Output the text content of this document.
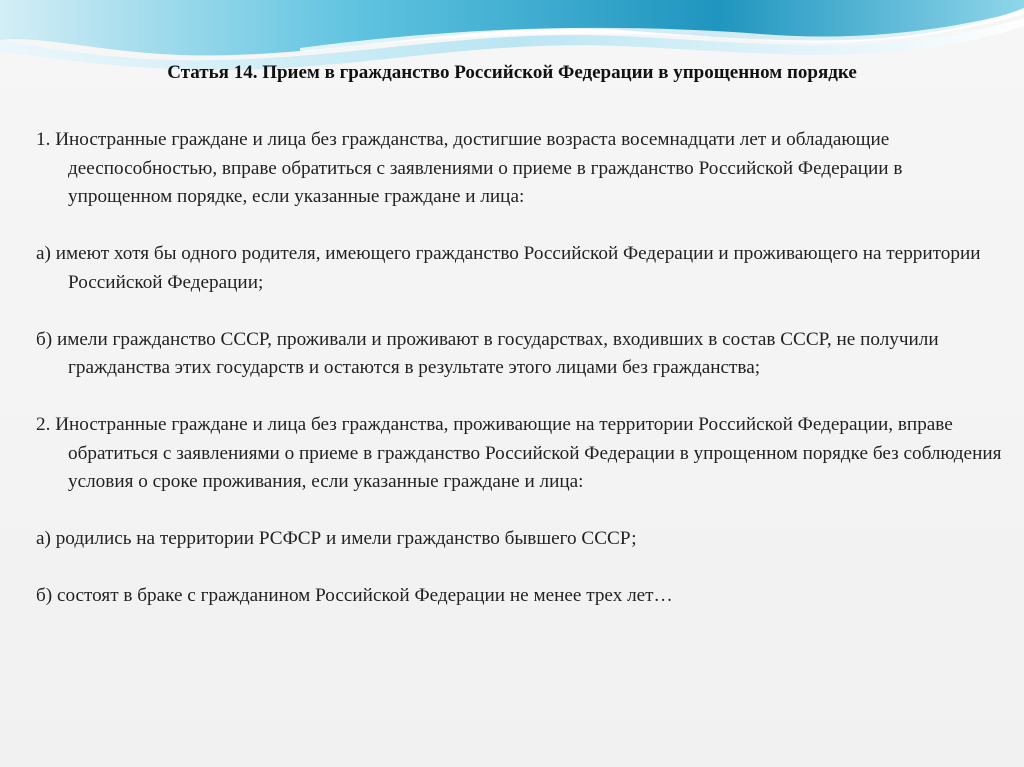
Статья 14. Прием в гражданство Российской Федерации в упрощенном порядке

1. Иностранные граждане и лица без гражданства, достигшие возраста восемнадцати лет и обладающие дееспособностью, вправе обратиться с заявлениями о приеме в гражданство Российской Федерации в упрощенном порядке, если указанные граждане и лица:

а) имеют хотя бы одного родителя, имеющего гражданство Российской Федерации и проживающего на территории Российской Федерации;

б) имели гражданство СССР, проживали и проживают в государствах, входивших в состав СССР, не получили гражданства этих государств и остаются в результате этого лицами без гражданства;

2. Иностранные граждане и лица без гражданства, проживающие на территории Российской Федерации, вправе обратиться с заявлениями о приеме в гражданство Российской Федерации в упрощенном порядке без соблюдения условия о сроке проживания, если указанные граждане и лица:

а) родились на территории РСФСР и имели гражданство бывшего СССР;

б) состоят в браке с гражданином Российской Федерации не менее трех лет…
